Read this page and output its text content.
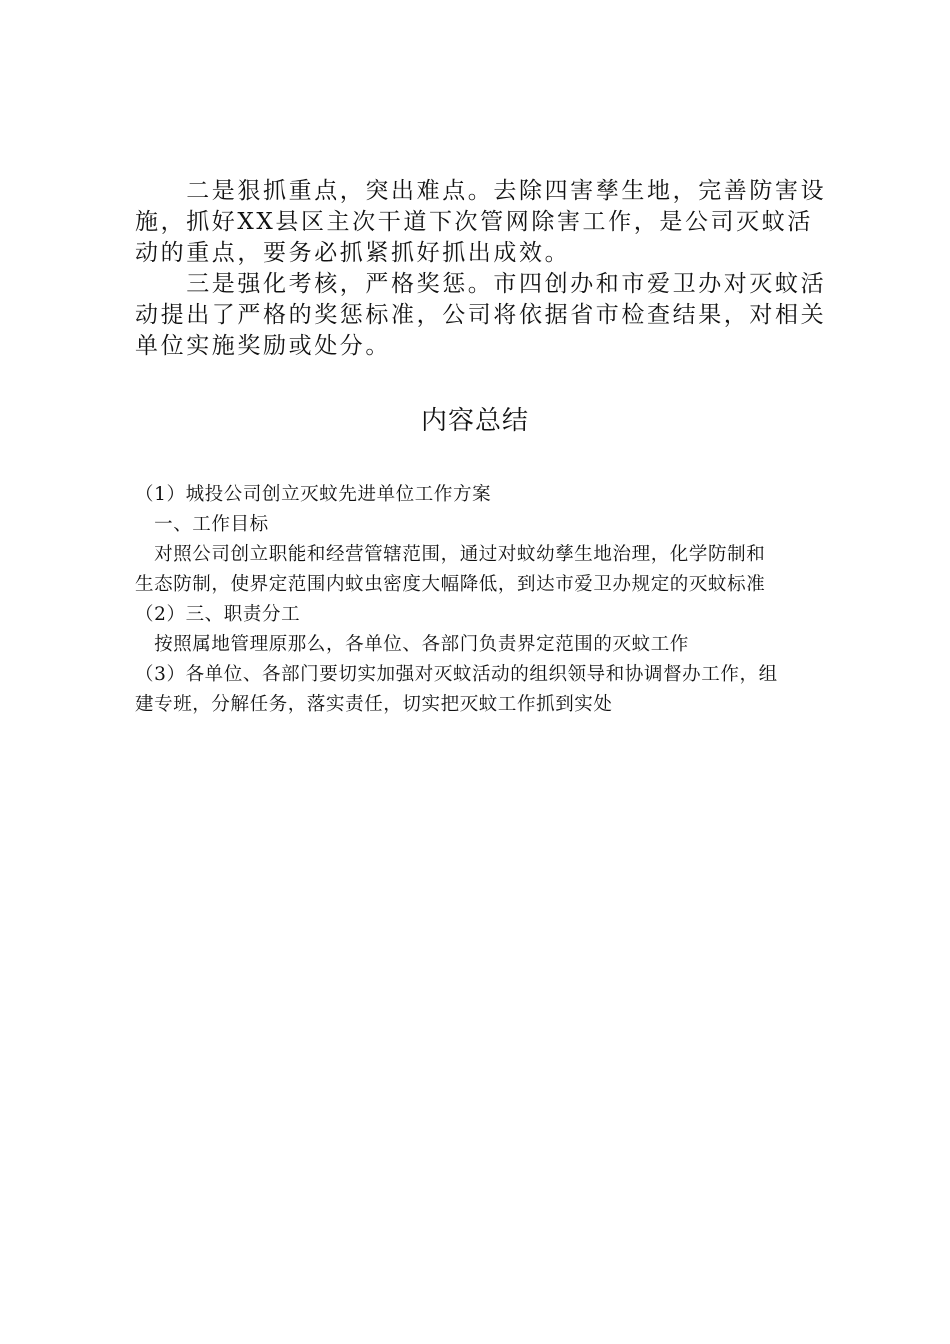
　　二是狠抓重点，突出难点。去除四害孳生地，完善防害设
施，抓好XX县区主次干道下次管网除害工作，是公司灭蚊活
动的重点，要务必抓紧抓好抓出成效。
　　三是强化考核，严格奖惩。市四创办和市爱卫办对灭蚊活
动提出了严格的奖惩标准，公司将依据省市检查结果，对相关
单位实施奖励或处分。
内容总结
（1）城投公司创立灭蚊先进单位工作方案
　一、工作目标
　对照公司创立职能和经营管辖范围，通过对蚊幼孳生地治理，化学防制和
生态防制，使界定范围内蚊虫密度大幅降低，到达市爱卫办规定的灭蚊标准
（2）三、职责分工
　按照属地管理原那么，各单位、各部门负责界定范围的灭蚊工作
（3）各单位、各部门要切实加强对灭蚊活动的组织领导和协调督办工作，组
建专班，分解任务，落实责任，切实把灭蚊工作抓到实处
